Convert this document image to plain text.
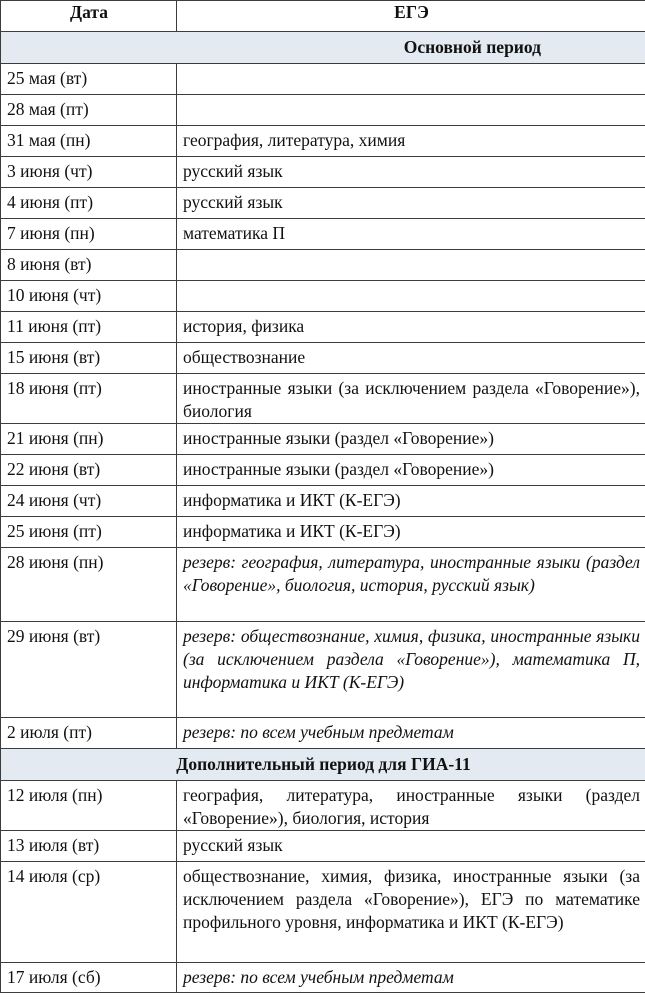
Дата	ЕГЭ
Основной период	
25 мая (вт)	
28 мая (пт)	
31 мая (пн)	география, литература, химия
3 июня (чт)	русский язык
4 июня (пт)	русский язык
7 июня (пн)	математика П
8 июня (вт)	
10 июня (чт)	
11 июня (пт)	история, физика
15 июня (вт)	обществознание
18 июня (пт)	иностранные языки (за исключением раздела «Говорение»), биология
21 июня (пн)	иностранные языки (раздел «Говорение»)
22 июня (вт)	иностранные языки (раздел «Говорение»)
24 июня (чт)	информатика и ИКТ (К-ЕГЭ)
25 июня (пт)	информатика и ИКТ (К-ЕГЭ)
28 июня (пн)	резерв: география, литература, иностранные языки (раздел «Говорение», биология, история, русский язык)
29 июня (вт)	резерв: обществознание, химия, физика, иностранные языки (за исключением раздела «Говорение»), математика П, информатика и ИКТ (К-ЕГЭ)
2 июля (пт)	резерв: по всем учебным предметам
Дополнительный период для ГИА-11	
12 июля (пн)	география, литература, иностранные языки (раздел «Говорение»), биология, история
13 июля (вт)	русский язык
14 июля (ср)	обществознание, химия, физика, иностранные языки (за исключением раздела «Говорение»), ЕГЭ по математике профильного уровня, информатика и ИКТ (К-ЕГЭ)
17 июля (сб)	резерв: по всем учебным предметам
